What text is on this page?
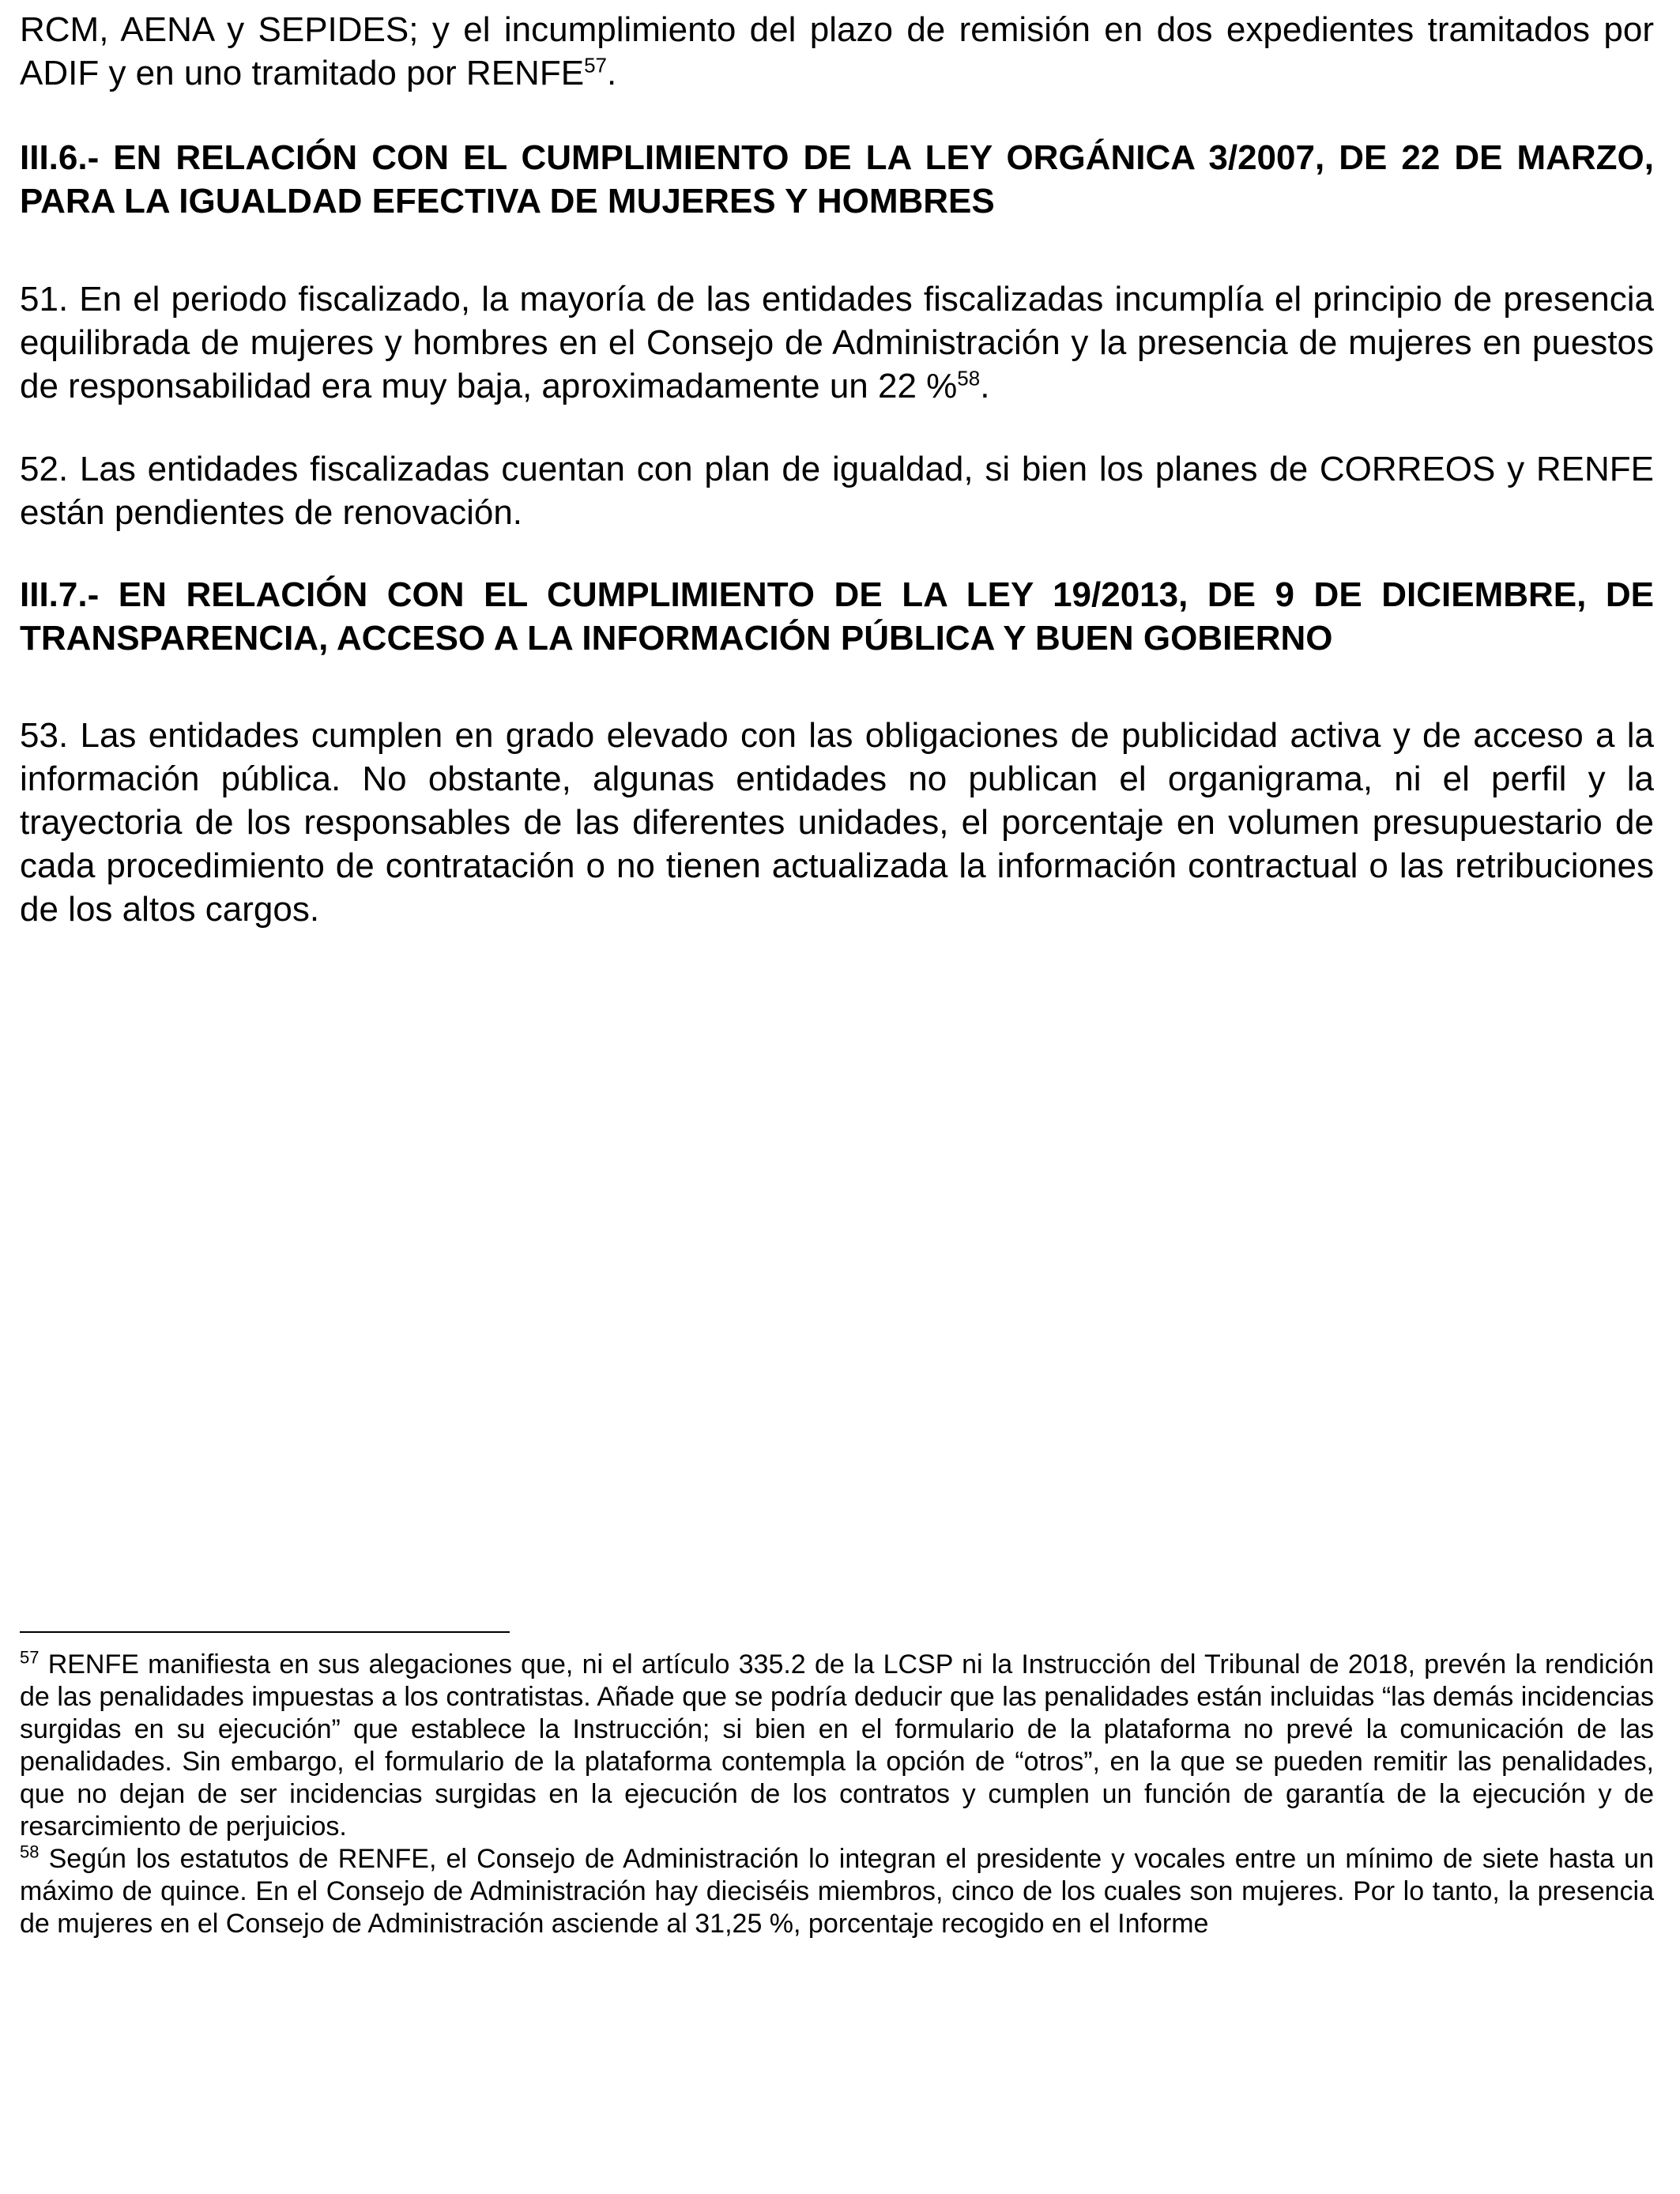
RCM, AENA y SEPIDES; y el incumplimiento del plazo de remisión en dos expedientes tramitados por ADIF y en uno tramitado por RENFE$^{57}$.

III.6.- EN RELACIÓN CON EL CUMPLIMIENTO DE LA LEY ORGÁNICA 3/2007, DE 22 DE MARZO, PARA LA IGUALDAD EFECTIVA DE MUJERES Y HOMBRES

51. En el periodo fiscalizado, la mayoría de las entidades fiscalizadas incumplía el principio de presencia equilibrada de mujeres y hombres en el Consejo de Administración y la presencia de mujeres en puestos de responsabilidad era muy baja, aproximadamente un 22 %$^{58}$.

52. Las entidades fiscalizadas cuentan con plan de igualdad, si bien los planes de CORREOS y RENFE están pendientes de renovación.

III.7.- EN RELACIÓN CON EL CUMPLIMIENTO DE LA LEY 19/2013, DE 9 DE DICIEMBRE, DE TRANSPARENCIA, ACCESO A LA INFORMACIÓN PÚBLICA Y BUEN GOBIERNO

53. Las entidades cumplen en grado elevado con las obligaciones de publicidad activa y de acceso a la información pública. No obstante, algunas entidades no publican el organigrama, ni el perfil y la trayectoria de los responsables de las diferentes unidades, el porcentaje en volumen presupuestario de cada procedimiento de contratación o no tienen actualizada la información contractual o las retribuciones de los altos cargos.

$^{57}$ RENFE manifiesta en sus alegaciones que, ni el artículo 335.2 de la LCSP ni la Instrucción del Tribunal de 2018, prevén la rendición de las penalidades impuestas a los contratistas. Añade que se podría deducir que las penalidades están incluidas “las demás incidencias surgidas en su ejecución” que establece la Instrucción; si bien en el formulario de la plataforma no prevé la comunicación de las penalidades. Sin embargo, el formulario de la plataforma contempla la opción de “otros”, en la que se pueden remitir las penalidades, que no dejan de ser incidencias surgidas en la ejecución de los contratos y cumplen un función de garantía de la ejecución y de resarcimiento de perjuicios.

$^{58}$ Según los estatutos de RENFE, el Consejo de Administración lo integran el presidente y vocales entre un mínimo de siete hasta un máximo de quince. En el Consejo de Administración hay dieciséis miembros, cinco de los cuales son mujeres. Por lo tanto, la presencia de mujeres en el Consejo de Administración asciende al 31,25 %, porcentaje recogido en el Informe
